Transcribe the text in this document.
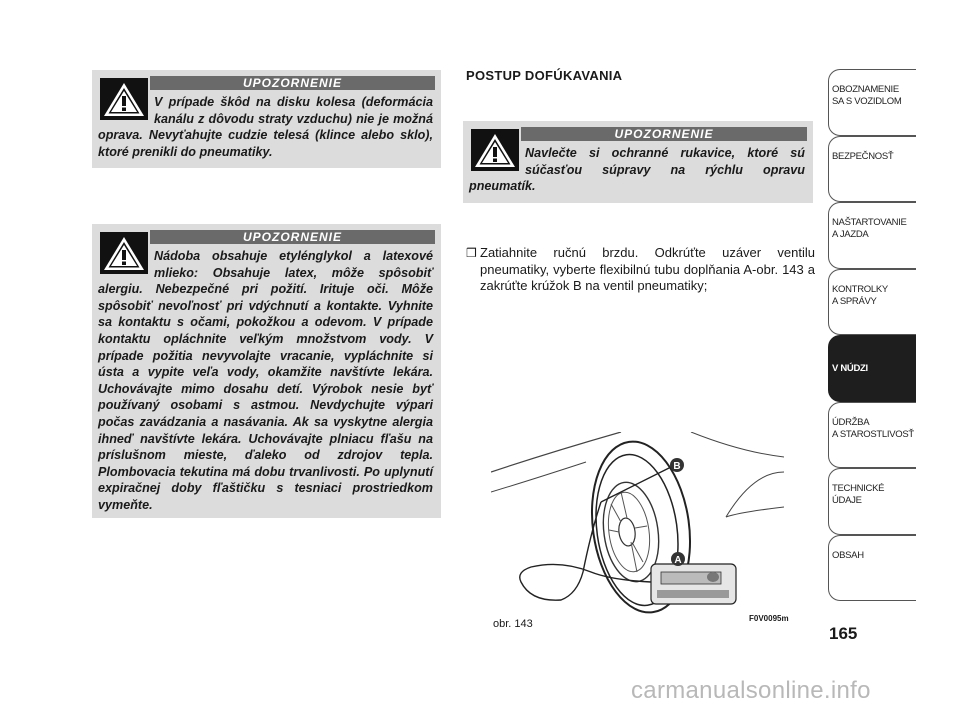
UPOZORNENIE

V prípade škôd na disku kolesa (deformácia kanálu z dôvodu straty vzduchu) nie je možná oprava. Nevyťahujte cudzie telesá (klince alebo sklo), ktoré prenikli do pneumatiky.

UPOZORNENIE

Nádoba obsahuje etylénglykol a latexové mlieko: Obsahuje latex, môže spôsobiť alergiu. Nebezpečné pri požití. Irituje oči. Môže spôsobiť nevoľnosť pri vdýchnutí a kontakte. Vyhnite sa kontaktu s očami, pokožkou a odevom. V prípade kontaktu opláchnite veľkým množstvom vody. V prípade požitia nevyvolajte vracanie, vypláchnite si ústa a vypite veľa vody, okamžite navštívte lekára. Uchovávajte mimo dosahu detí. Výrobok nesie byť používaný osobami s astmou. Nevdychujte výpari počas zavádzania a nasávania. Ak sa vyskytne alergia ihneď navštívte lekára. Uchovávajte plniacu fľašu na príslušnom mieste, ďaleko od zdrojov tepla. Plombovacia tekutina má dobu trvanlivosti. Po uplynutí expiračnej doby fľaštičku s tesniaci prostriedkom vymeňte.

POSTUP DOFÚKAVANIA
UPOZORNENIE

Navlečte si ochranné rukavice, ktoré sú súčasťou súpravy na rýchlu opravu pneumatík.

❒ Zatiahnite ručnú brzdu. Odkrúťte uzáver ventilu pneumatiky, vyberte flexibilnú tubu doplňania A-obr. 143 a zakrúťte krúžok B na ventil pneumatiky;

B
A
obr. 143	F0V0095m
OBOZNAMENIE
SA S VOZIDLOM
BEZPEČNOSŤ
NAŠTARTOVANIE
A JAZDA
KONTROLKY
A SPRÁVY
V NÚDZI
ÚDRŽBA
A STAROSTLIVOSŤ
TECHNICKÉ
ÚDAJE
OBSAH
165
carmanualsonline.info
